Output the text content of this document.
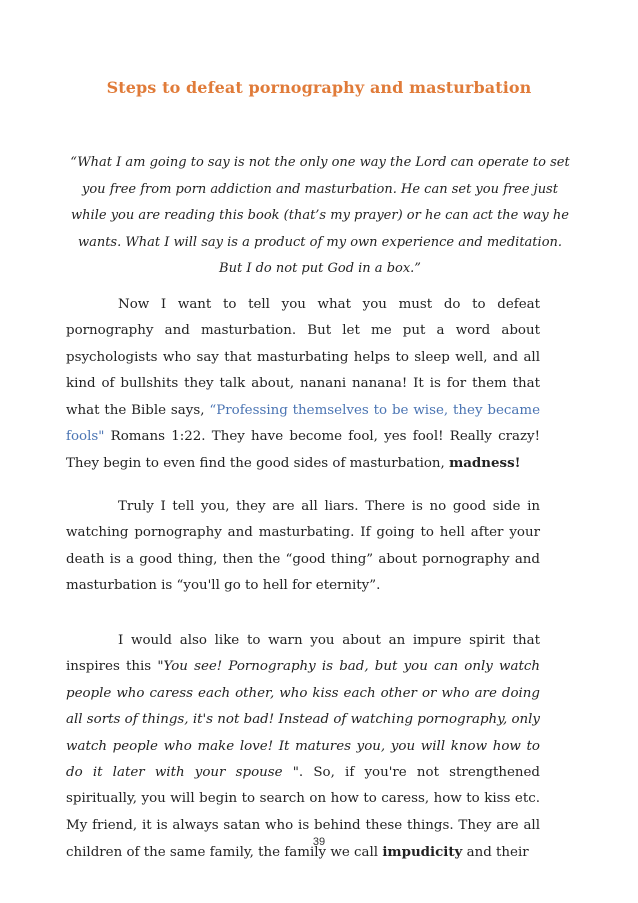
Steps to defeat pornography and masturbation
“What I am going to say is not the only one way the Lord can operate to set you free from porn addiction and masturbation. He can set you free just while you are reading this book (that’s my prayer) or he can act the way he wants. What I will say is a product of my own experience and meditation. But I do not put God in a box.”

Now I want to tell you what you must do to defeat pornography and masturbation. But let me put a word about psychologists who say that masturbating helps to sleep well, and all kind of bullshits they talk about, nanani nanana! It is for them that what the Bible says, “Professing themselves to be wise, they became fools" Romans 1:22. They have become fool, yes fool! Really crazy! They begin to even find the good sides of masturbation, madness!

Truly I tell you, they are all liars. There is no good side in watching pornography and masturbating. If going to hell after your death is a good thing, then the “good thing” about pornography and masturbation is “you'll go to hell for eternity”.

I would also like to warn you about an impure spirit that inspires this "You see! Pornography is bad, but you can only watch people who caress each other, who kiss each other or who are doing all sorts of things, it's not bad! Instead of watching pornography, only watch people who make love! It matures you, you will know how to do it later with your spouse ". So, if you're not strengthened spiritually, you will begin to search on how to caress, how to kiss etc. My friend, it is always satan who is behind these things. They are all children of the same family, the family we call impudicity and their

39
